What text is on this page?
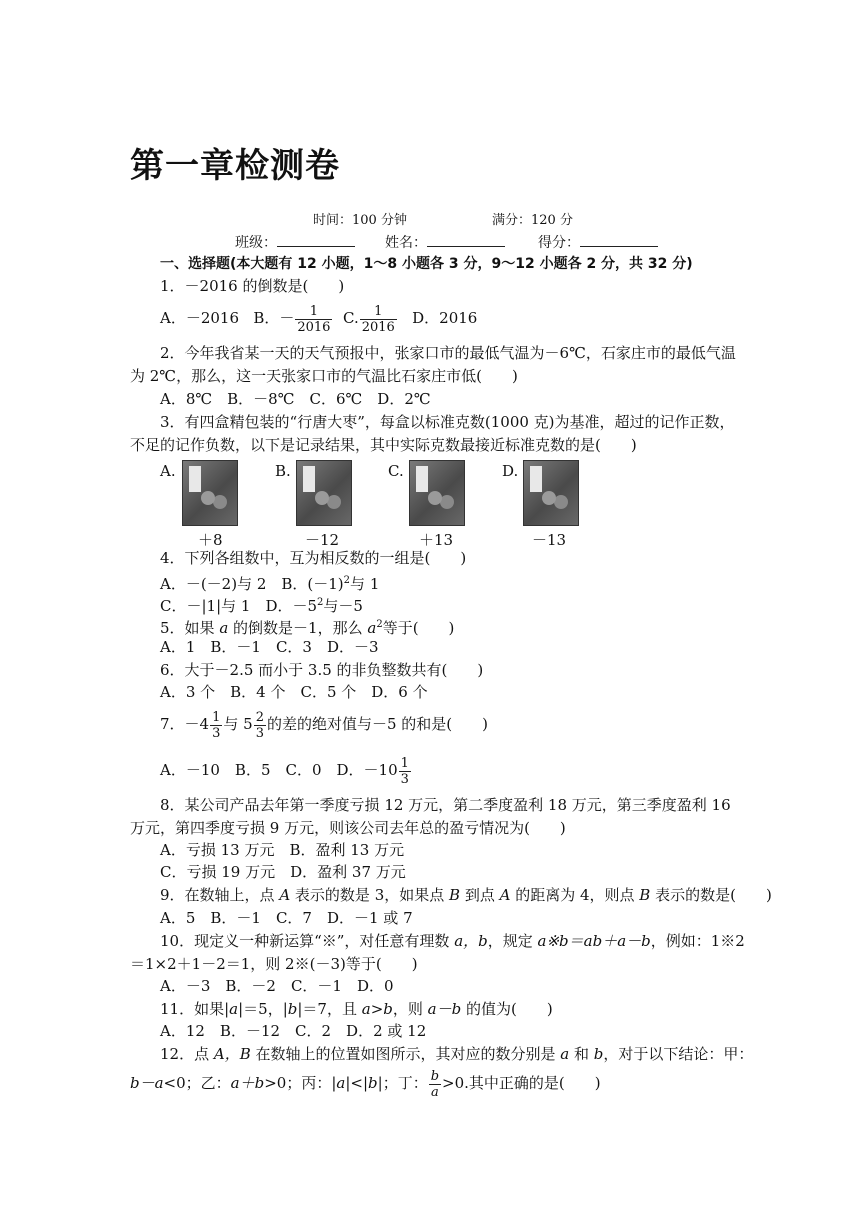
第一章检测卷
时间：100 分钟	满分：120 分
班级：	姓名：	得分：
一、选择题(本大题有 12 小题，1～8 小题各 3 分，9～12 小题各 2 分，共 32 分)
1．－2016 的倒数是(　　)
A．－2016 B．－ $\frac{1}{2016} C$. $\frac{1}{2016}$ D．2016
2．今年我省某一天的天气预报中，张家口市的最低气温为－6℃，石家庄市的最低气温
为 2℃，那么，这一天张家口市的气温比石家庄市低(　　)
A．8℃　B．－8℃　C．6℃　D．2℃
3．有四盒精包装的“行唐大枣”，每盒以标准克数(1000 克)为基准，超过的记作正数，
不足的记作负数，以下是记录结果，其中实际克数最接近标准克数的是(　　)
A.
＋8
B.
－12
C.
＋13
D.
－13
4．下列各组数中，互为相反数的一组是(　　)
A．－(－2)与 2　B．$(-1)^2$与 1
C．－|1|与 1　D．$-5^2$与－5
5．如果 a 的倒数是－1，那么 $a^2$等于(　　)
A．1　B．－1　C．3　D．－3
6．大于－2.5 而小于 3.5 的非负整数共有(　　)
A．3 个　B．4 个　C．5 个　D．6 个
7．$-4 \frac{1}{3}$ 与 $5 \frac{2}{3}$ 的差的绝对值与－5 的和是(　　)
A．－10　B．5　C．0　D．$-10 \frac{1}{3}$
8．某公司产品去年第一季度亏损 12 万元，第二季度盈利 18 万元，第三季度盈利 16
万元，第四季度亏损 9 万元，则该公司去年总的盈亏情况为(　　)
A．亏损 13 万元　B．盈利 13 万元
C．亏损 19 万元　D．盈利 37 万元
9．在数轴上，点 A 表示的数是 3，如果点 B 到点 A 的距离为 4，则点 B 表示的数是(　　)
A．5　B．－1　C．7　D．－1 或 7
10．现定义一种新运算“※”，对任意有理数 a，b，规定 a※b＝ab＋a－b，例如：1※2
＝1×2＋1－2＝1，则 2※(－3)等于(　　)
A．－3　B．－2　C．－1　D．0
11．如果|a|＝5，|b|＝7，且 a>b，则 a－b 的值为(　　)
A．12　B．－12　C．2　D．2 或 12
12．点 A，B 在数轴上的位置如图所示，其对应的数分别是 a 和 b，对于以下结论：甲：
b－a<0；乙：a＋b>0；丙：|a|<|b|；丁： $\frac{b}{a} >0$.其中正确的是(　　)
